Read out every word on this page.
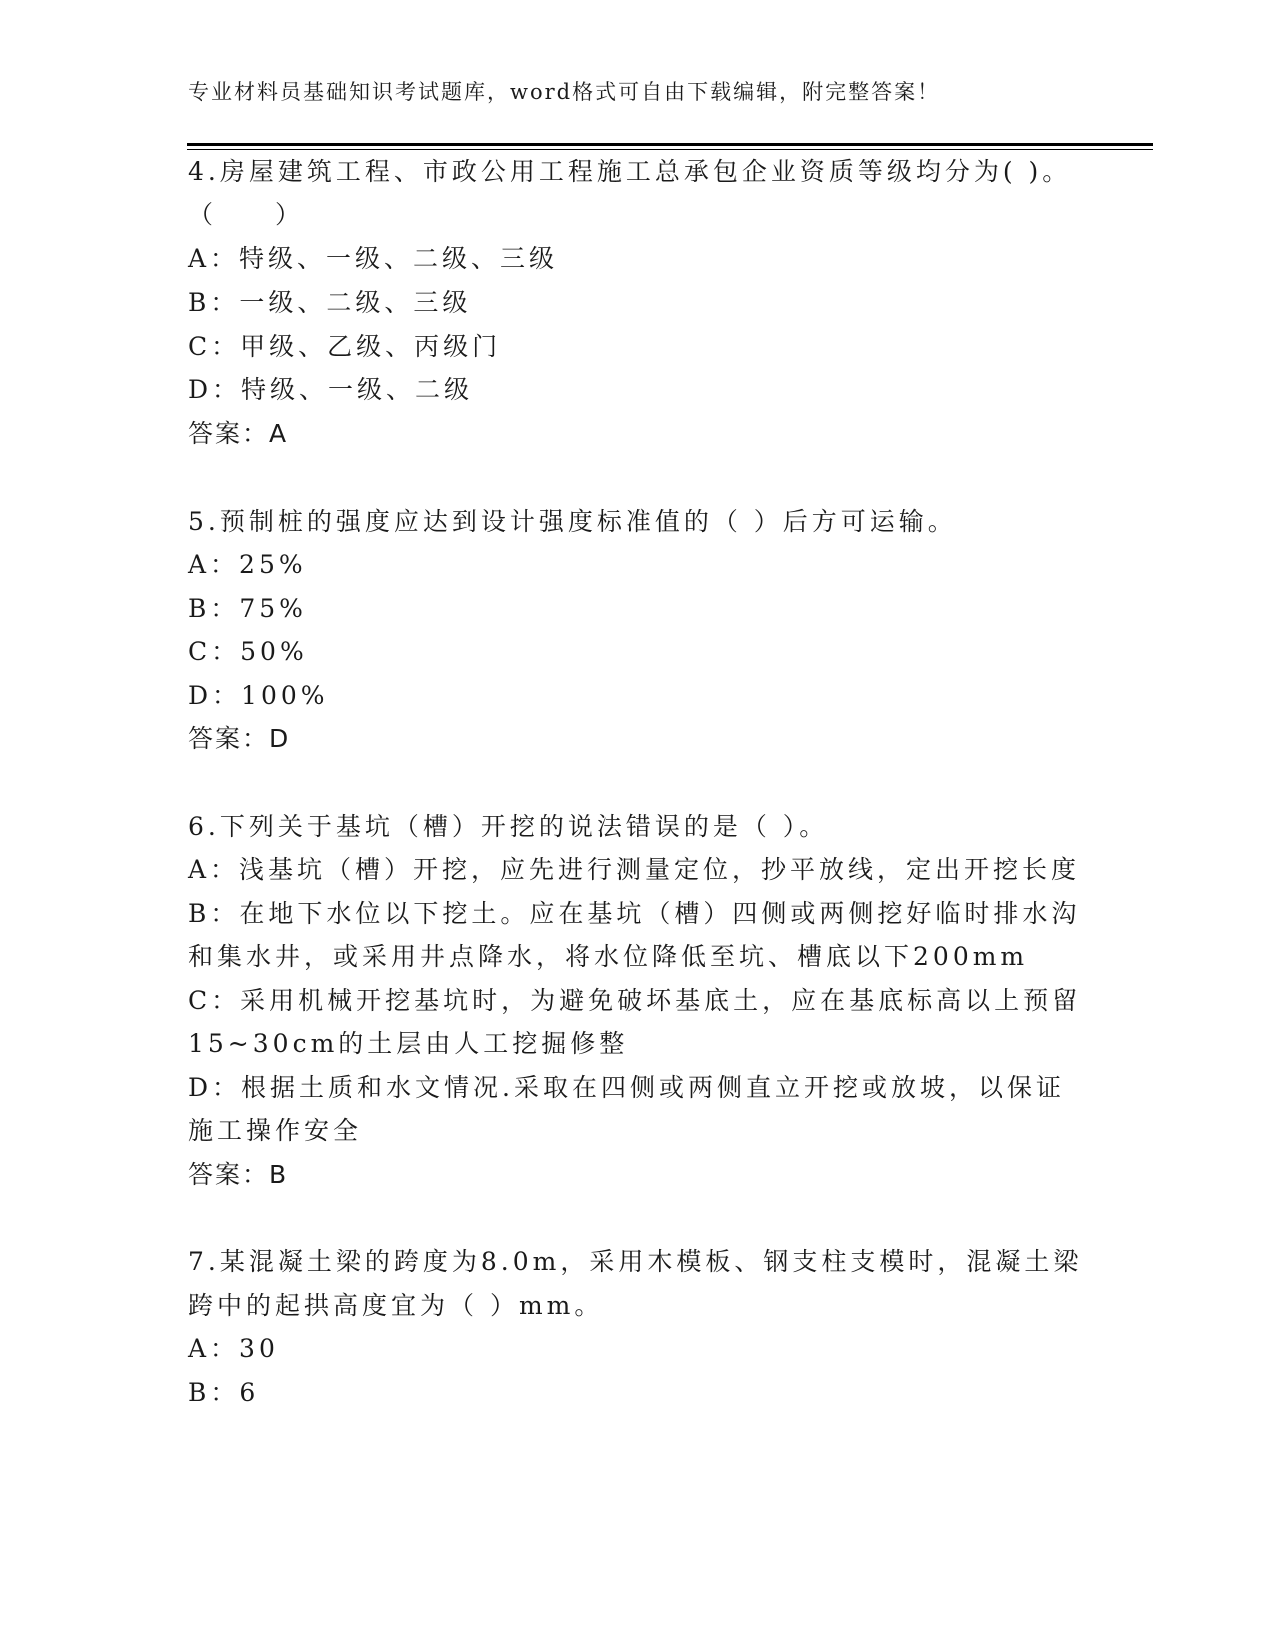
专业材料员基础知识考试题库，word格式可自由下载编辑，附完整答案！
4.房屋建筑工程、市政公用工程施工总承包企业资质等级均分为( )。
（　　）
A：特级、一级、二级、三级
B：一级、二级、三级
C：甲级、乙级、丙级门
D：特级、一级、二级
答案：A
5.预制桩的强度应达到设计强度标准值的（ ）后方可运输。
A：25%
B：75%
C：50%
D：100%
答案：D
6.下列关于基坑（槽）开挖的说法错误的是（ ）。
A：浅基坑（槽）开挖，应先进行测量定位，抄平放线，定出开挖长度
B：在地下水位以下挖土。应在基坑（槽）四侧或两侧挖好临时排水沟
和集水井，或采用井点降水，将水位降低至坑、槽底以下200mm
C：采用机械开挖基坑时，为避免破坏基底土，应在基底标高以上预留
15~30cm的土层由人工挖掘修整
D：根据土质和水文情况.采取在四侧或两侧直立开挖或放坡，以保证
施工操作安全
答案：B
7.某混凝土梁的跨度为8.0m，采用木模板、钢支柱支模时，混凝土梁
跨中的起拱高度宜为（ ）mm。
A：30
B：6
